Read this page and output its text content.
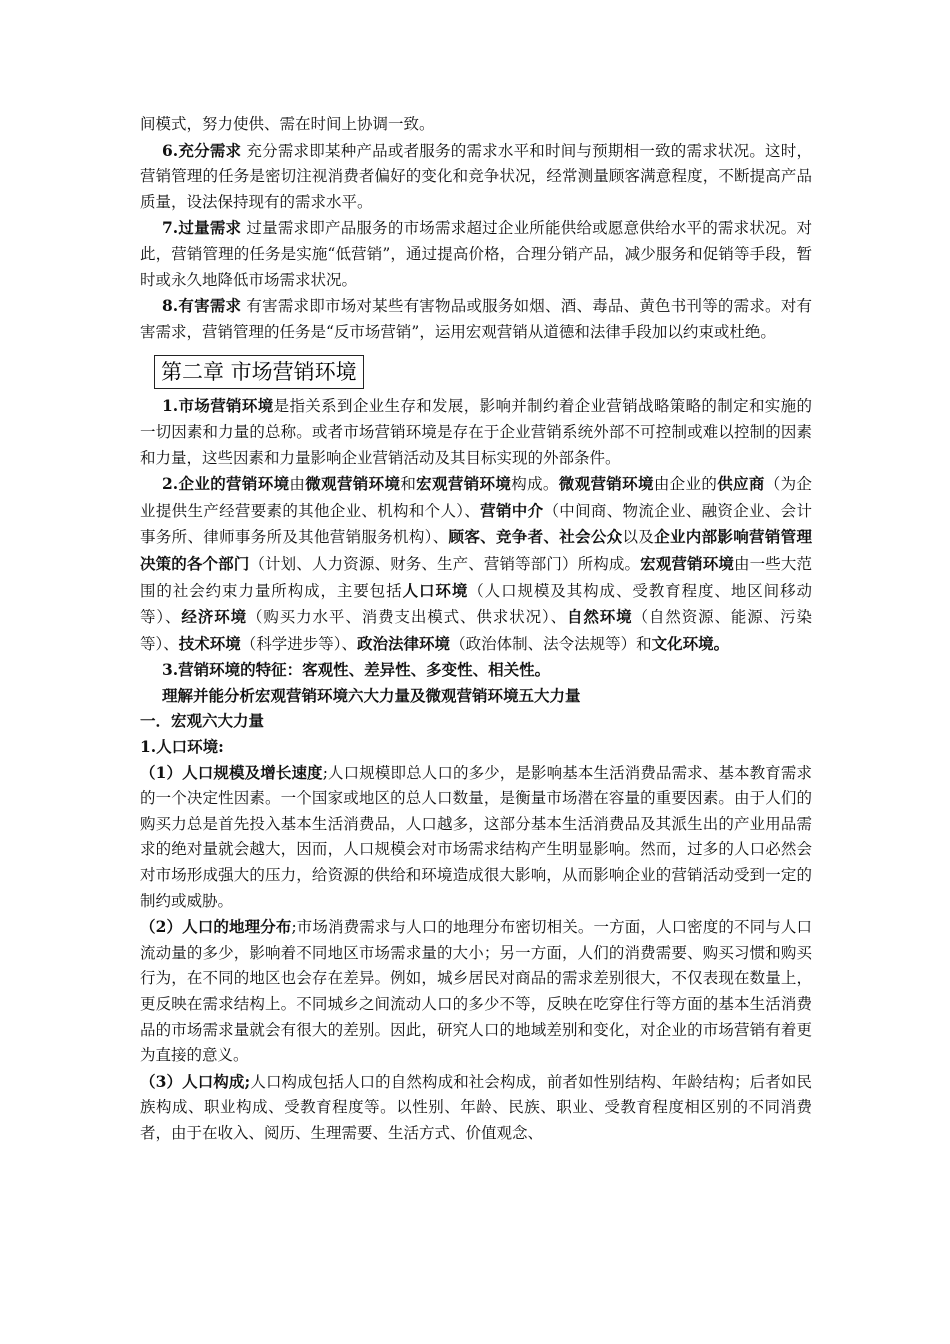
间模式，努力使供、需在时间上协调一致。

6.充分需求 充分需求即某种产品或者服务的需求水平和时间与预期相一致的需求状况。这时，营销管理的任务是密切注视消费者偏好的变化和竞争状况，经常测量顾客满意程度，不断提高产品质量，设法保持现有的需求水平。

7.过量需求 过量需求即产品服务的市场需求超过企业所能供给或愿意供给水平的需求状况。对此，营销管理的任务是实施“低营销”，通过提高价格，合理分销产品，减少服务和促销等手段，暂时或永久地降低市场需求状况。

8.有害需求 有害需求即市场对某些有害物品或服务如烟、酒、毒品、黄色书刊等的需求。对有害需求，营销管理的任务是“反市场营销”，运用宏观营销从道德和法律手段加以约束或杜绝。

第二章 市场营销环境

1.市场营销环境是指关系到企业生存和发展，影响并制约着企业营销战略策略的制定和实施的一切因素和力量的总称。或者市场营销环境是存在于企业营销系统外部不可控制或难以控制的因素和力量，这些因素和力量影响企业营销活动及其目标实现的外部条件。

2.企业的营销环境由微观营销环境和宏观营销环境构成。微观营销环境由企业的供应商（为企业提供生产经营要素的其他企业、机构和个人）、营销中介（中间商、物流企业、融资企业、会计事务所、律师事务所及其他营销服务机构）、顾客、竞争者、社会公众以及企业内部影响营销管理决策的各个部门（计划、人力资源、财务、生产、营销等部门）所构成。宏观营销环境由一些大范围的社会约束力量所构成，主要包括人口环境（人口规模及其构成、受教育程度、地区间移动等）、经济环境（购买力水平、消费支出模式、供求状况）、自然环境（自然资源、能源、污染等）、技术环境（科学进步等）、政治法律环境（政治体制、法令法规等）和文化环境。

3.营销环境的特征：客观性、差异性、多变性、相关性。

理解并能分析宏观营销环境六大力量及微观营销环境五大力量

一．宏观六大力量

1.人口环境:

（1）人口规模及增长速度;人口规模即总人口的多少，是影响基本生活消费品需求、基本教育需求的一个决定性因素。一个国家或地区的总人口数量，是衡量市场潜在容量的重要因素。由于人们的购买力总是首先投入基本生活消费品，人口越多，这部分基本生活消费品及其派生出的产业用品需求的绝对量就会越大，因而，人口规模会对市场需求结构产生明显影响。然而，过多的人口必然会对市场形成强大的压力，给资源的供给和环境造成很大影响，从而影响企业的营销活动受到一定的制约或威胁。

（2）人口的地理分布;市场消费需求与人口的地理分布密切相关。一方面，人口密度的不同与人口流动量的多少，影响着不同地区市场需求量的大小；另一方面，人们的消费需要、购买习惯和购买行为，在不同的地区也会存在差异。例如，城乡居民对商品的需求差别很大，不仅表现在数量上，更反映在需求结构上。不同城乡之间流动人口的多少不等，反映在吃穿住行等方面的基本生活消费品的市场需求量就会有很大的差别。因此，研究人口的地域差别和变化，对企业的市场营销有着更为直接的意义。

（3）人口构成;人口构成包括人口的自然构成和社会构成，前者如性别结构、年龄结构；后者如民族构成、职业构成、受教育程度等。以性别、年龄、民族、职业、受教育程度相区别的不同消费者，由于在收入、阅历、生理需要、生活方式、价值观念、
